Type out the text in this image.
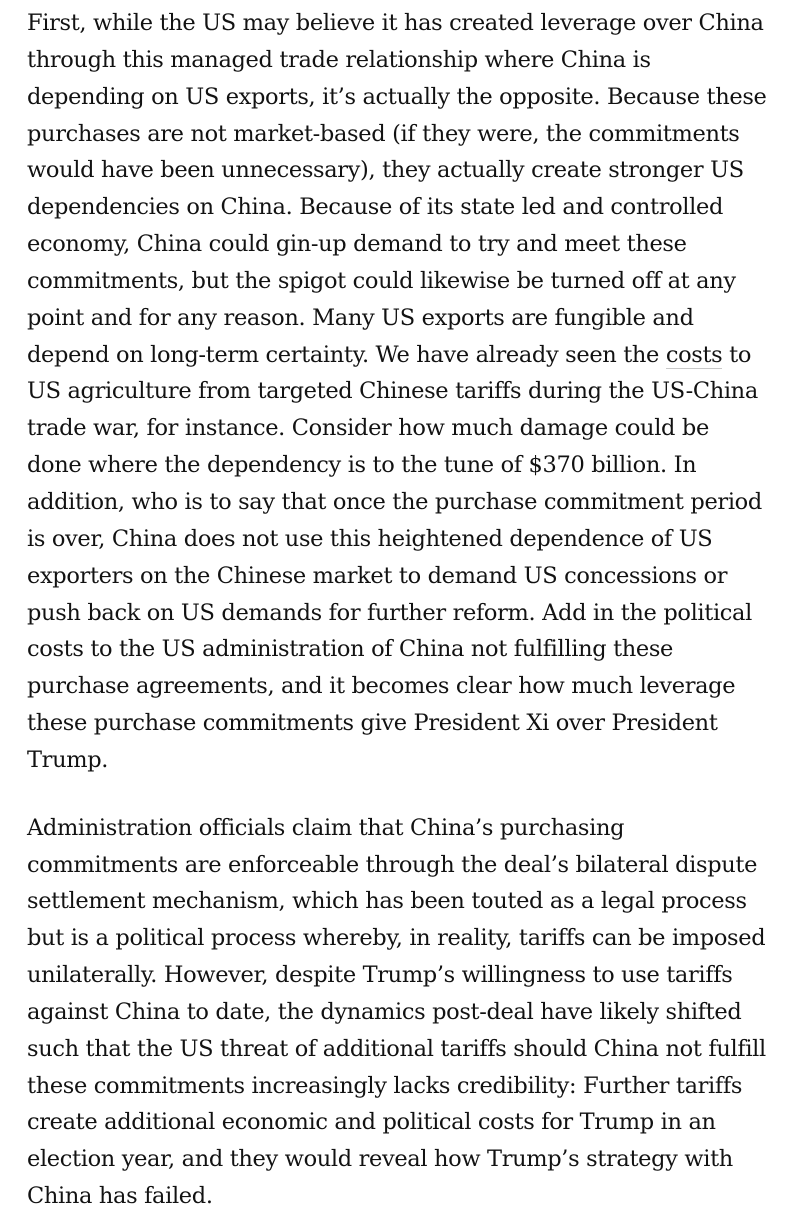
First, while the US may believe it has created leverage over China through this managed trade relationship where China is depending on US exports, it’s actually the opposite. Because these purchases are not market-based (if they were, the commitments would have been unnecessary), they actually create stronger US dependencies on China. Because of its state led and controlled economy, China could gin-up demand to try and meet these commitments, but the spigot could likewise be turned off at any point and for any reason. Many US exports are fungible and depend on long-term certainty. We have already seen the costs to US agriculture from targeted Chinese tariffs during the US-China trade war, for instance. Consider how much damage could be done where the dependency is to the tune of $370 billion. In addition, who is to say that once the purchase commitment period is over, China does not use this heightened dependence of US exporters on the Chinese market to demand US concessions or push back on US demands for further reform. Add in the political costs to the US administration of China not fulfilling these purchase agreements, and it becomes clear how much leverage these purchase commitments give President Xi over President Trump.

Administration officials claim that China’s purchasing commitments are enforceable through the deal’s bilateral dispute settlement mechanism, which has been touted as a legal process but is a political process whereby, in reality, tariffs can be imposed unilaterally. However, despite Trump’s willingness to use tariffs against China to date, the dynamics post-deal have likely shifted such that the US threat of additional tariffs should China not fulfill these commitments increasingly lacks credibility: Further tariffs create additional economic and political costs for Trump in an election year, and they would reveal how Trump’s strategy with China has failed.
